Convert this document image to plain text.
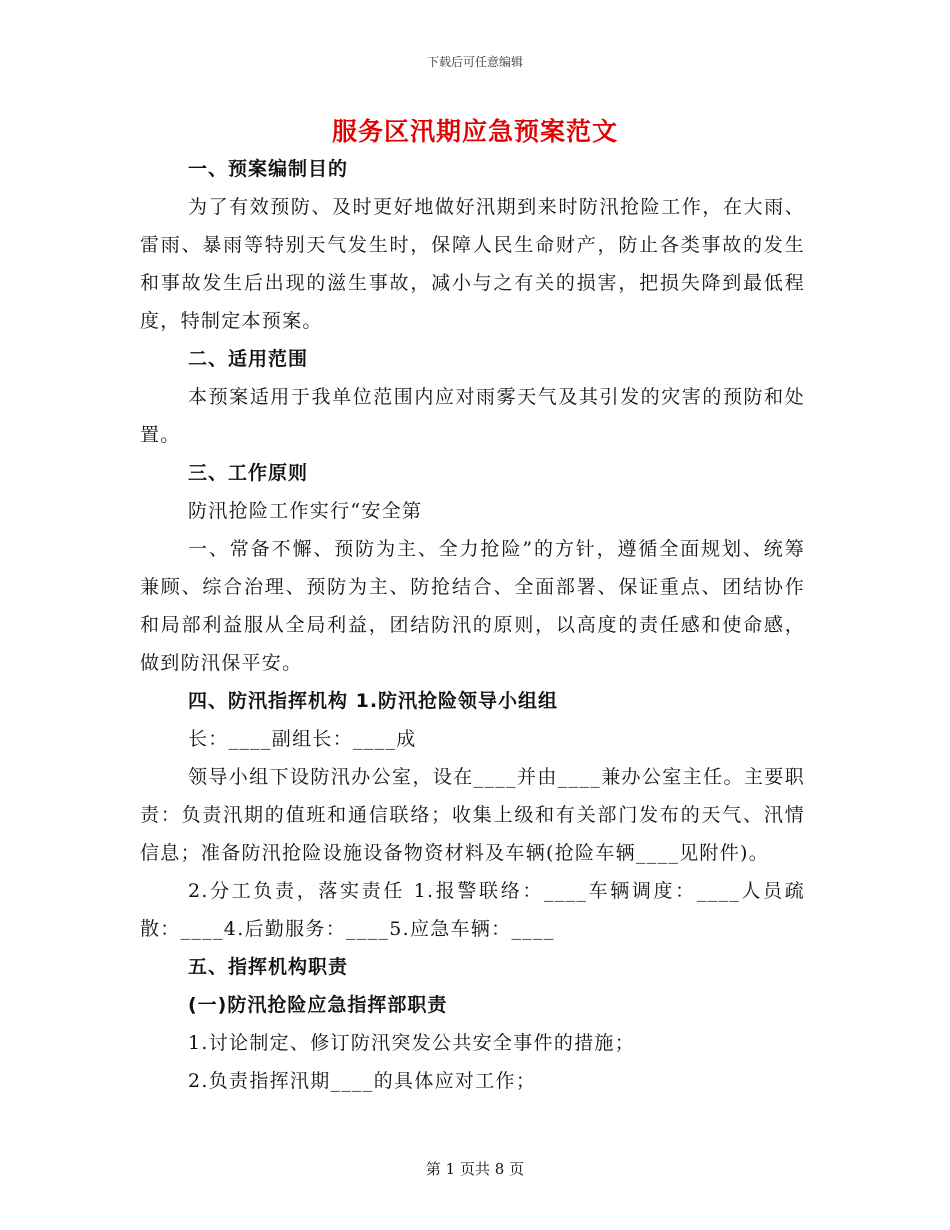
下载后可任意编辑
服务区汛期应急预案范文

一、预案编制目的

为了有效预防、及时更好地做好汛期到来时防汛抢险工作，在大雨、雷雨、暴雨等特别天气发生时，保障人民生命财产，防止各类事故的发生和事故发生后出现的滋生事故，减小与之有关的损害，把损失降到最低程度，特制定本预案。

二、适用范围

本预案适用于我单位范围内应对雨雾天气及其引发的灾害的预防和处置。

三、工作原则

防汛抢险工作实行“安全第

一、常备不懈、预防为主、全力抢险”的方针，遵循全面规划、统筹兼顾、综合治理、预防为主、防抢结合、全面部署、保证重点、团结协作和局部利益服从全局利益，团结防汛的原则，以高度的责任感和使命感，做到防汛保平安。

四、防汛指挥机构 1.防汛抢险领导小组组

长：____副组长：____成

领导小组下设防汛办公室，设在____并由____兼办公室主任。主要职责：负责汛期的值班和通信联络；收集上级和有关部门发布的天气、汛情信息；准备防汛抢险设施设备物资材料及车辆(抢险车辆____见附件)。

2.分工负责，落实责任 1.报警联络：____车辆调度：____人员疏散：____4.后勤服务：____5.应急车辆：____

五、指挥机构职责

(一)防汛抢险应急指挥部职责

1.讨论制定、修订防汛突发公共安全事件的措施；

2.负责指挥汛期____的具体应对工作；

第 1 页共 8 页
